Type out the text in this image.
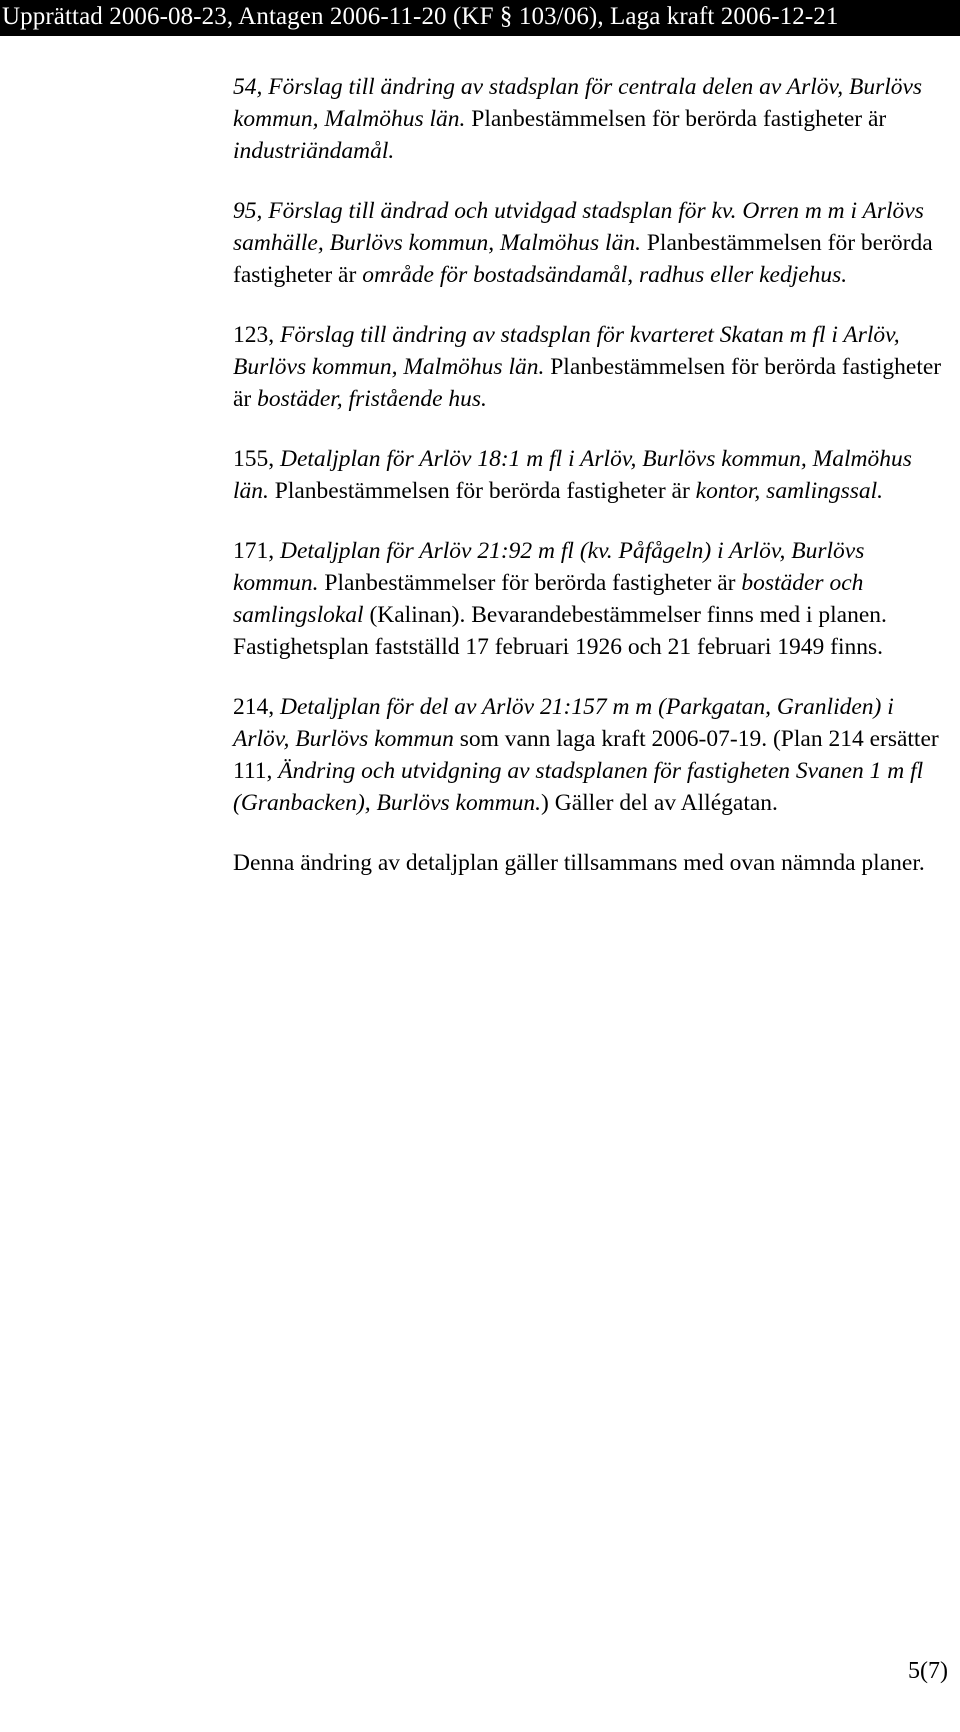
Upprättad 2006-08-23, Antagen 2006-11-20 (KF § 103/06), Laga kraft 2006-12-21

54, Förslag till ändring av stadsplan för centrala delen av Arlöv, Burlövs kommun, Malmöhus län. Planbestämmelsen för berörda fastigheter är industriändamål.

95, Förslag till ändrad och utvidgad stadsplan för kv. Orren m m i Arlövs samhälle, Burlövs kommun, Malmöhus län. Planbestämmelsen för berörda fastigheter är område för bostadsändamål, radhus eller kedjehus.

123, Förslag till ändring av stadsplan för kvarteret Skatan m fl i Arlöv, Burlövs kommun, Malmöhus län. Planbestämmelsen för berörda fastigheter är bostäder, fristående hus.

155, Detaljplan för Arlöv 18:1 m fl i Arlöv, Burlövs kommun, Malmöhus län. Planbestämmelsen för berörda fastigheter är kontor, samlingssal.

171, Detaljplan för Arlöv 21:92 m fl (kv. Påfågeln) i Arlöv, Burlövs kommun. Planbestämmelser för berörda fastigheter är bostäder och samlingslokal (Kalinan). Bevarandebestämmelser finns med i planen. Fastighetsplan fastställd 17 februari 1926 och 21 februari 1949 finns.

214, Detaljplan för del av Arlöv 21:157 m m (Parkgatan, Granliden) i Arlöv, Burlövs kommun som vann laga kraft 2006-07-19. (Plan 214 ersätter 111, Ändring och utvidgning av stadsplanen för fastigheten Svanen 1 m fl (Granbacken), Burlövs kommun.) Gäller del av Allégatan.

Denna ändring av detaljplan gäller tillsammans med ovan nämnda planer.

5(7)
